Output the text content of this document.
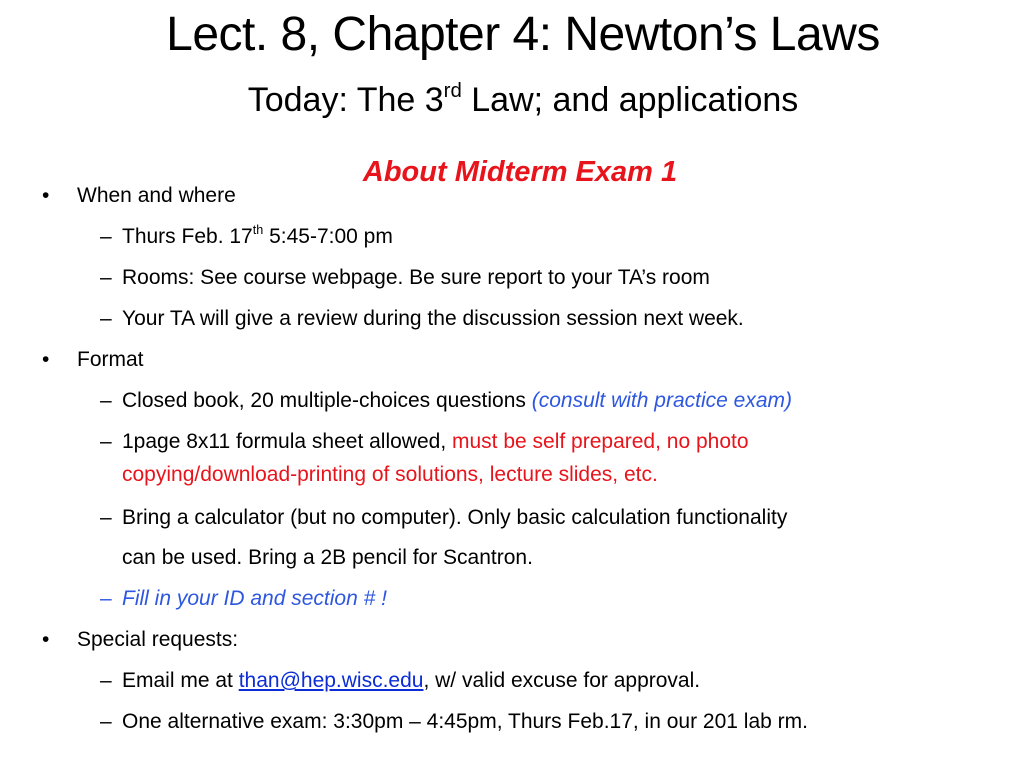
Lect. 8, Chapter 4: Newton’s Laws
Today: The 3rd Law; and applications
About Midterm Exam 1
• When and where
– Thurs Feb. 17th 5:45-7:00 pm
– Rooms: See course webpage. Be sure report to your TA’s room
– Your TA will give a review during the discussion session next week.
• Format
– Closed book, 20 multiple-choices questions (consult with practice exam)
– 1page 8x11 formula sheet allowed, must be self prepared, no photo
copying/download-printing of solutions, lecture slides, etc.
– Bring a calculator (but no computer). Only basic calculation functionality
can be used. Bring a 2B pencil for Scantron.
– Fill in your ID and section # !
• Special requests:
– Email me at than@hep.wisc.edu, w/ valid excuse for approval.
– One alternative exam: 3:30pm – 4:45pm, Thurs Feb.17, in our 201 lab rm.
